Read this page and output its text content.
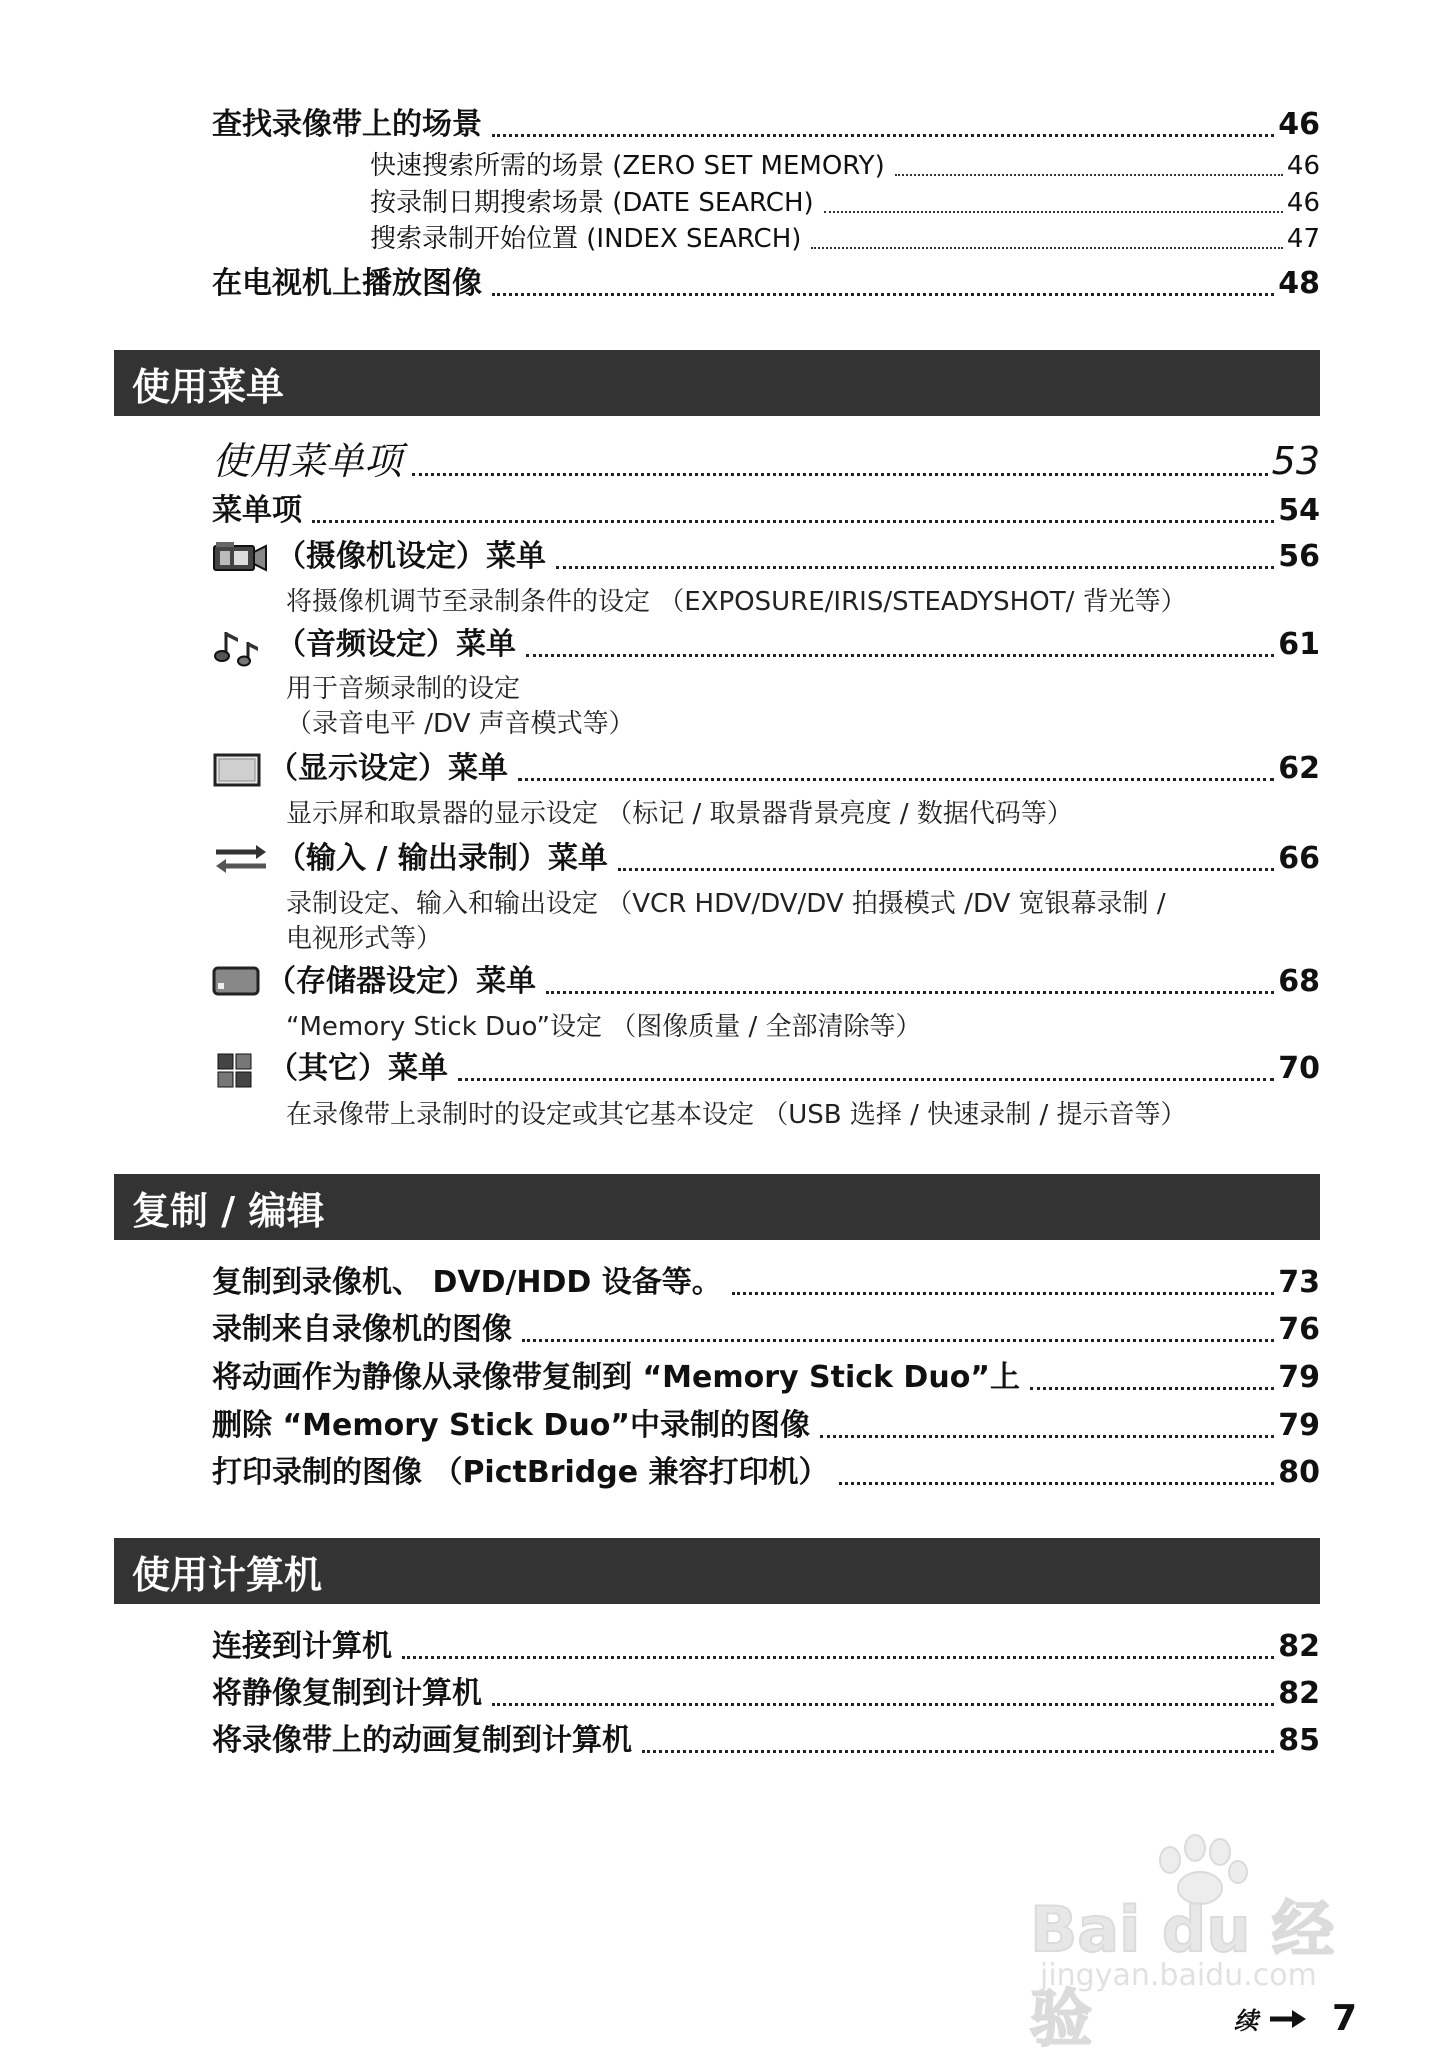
查找录像带上的场景	46
快速搜索所需的场景 (ZERO SET MEMORY)	46
按录制日期搜索场景 (DATE SEARCH)	46
搜索录制开始位置 (INDEX SEARCH)	47
在电视机上播放图像	48
使用菜单
使用菜单项	53
菜单项	54
（摄像机设定）菜单	56
将摄像机调节至录制条件的设定 （EXPOSURE/IRIS/STEADYSHOT/ 背光等）
（音频设定）菜单	61
用于音频录制的设定
（录音电平 /DV 声音模式等）
（显示设定）菜单	62
显示屏和取景器的显示设定 （标记 / 取景器背景亮度 / 数据代码等）
（输入 / 输出录制）菜单	66
录制设定、输入和输出设定 （VCR HDV/DV/DV 拍摄模式 /DV 宽银幕录制 /
电视形式等）
（存储器设定）菜单	68
“Memory Stick Duo”设定 （图像质量 / 全部清除等）
（其它）菜单	70
在录像带上录制时的设定或其它基本设定 （USB 选择 / 快速录制 / 提示音等）
复制 / 编辑
复制到录像机、 DVD/HDD 设备等。	73
录制来自录像机的图像	76
将动画作为静像从录像带复制到 “Memory Stick Duo”上	79
删除 “Memory Stick Duo”中录制的图像	79
打印录制的图像 （PictBridge 兼容打印机）	80
使用计算机
连接到计算机	82
将静像复制到计算机	82
将录像带上的动画复制到计算机	85
Bai du 经验
jingyan.baidu.com
续 7
